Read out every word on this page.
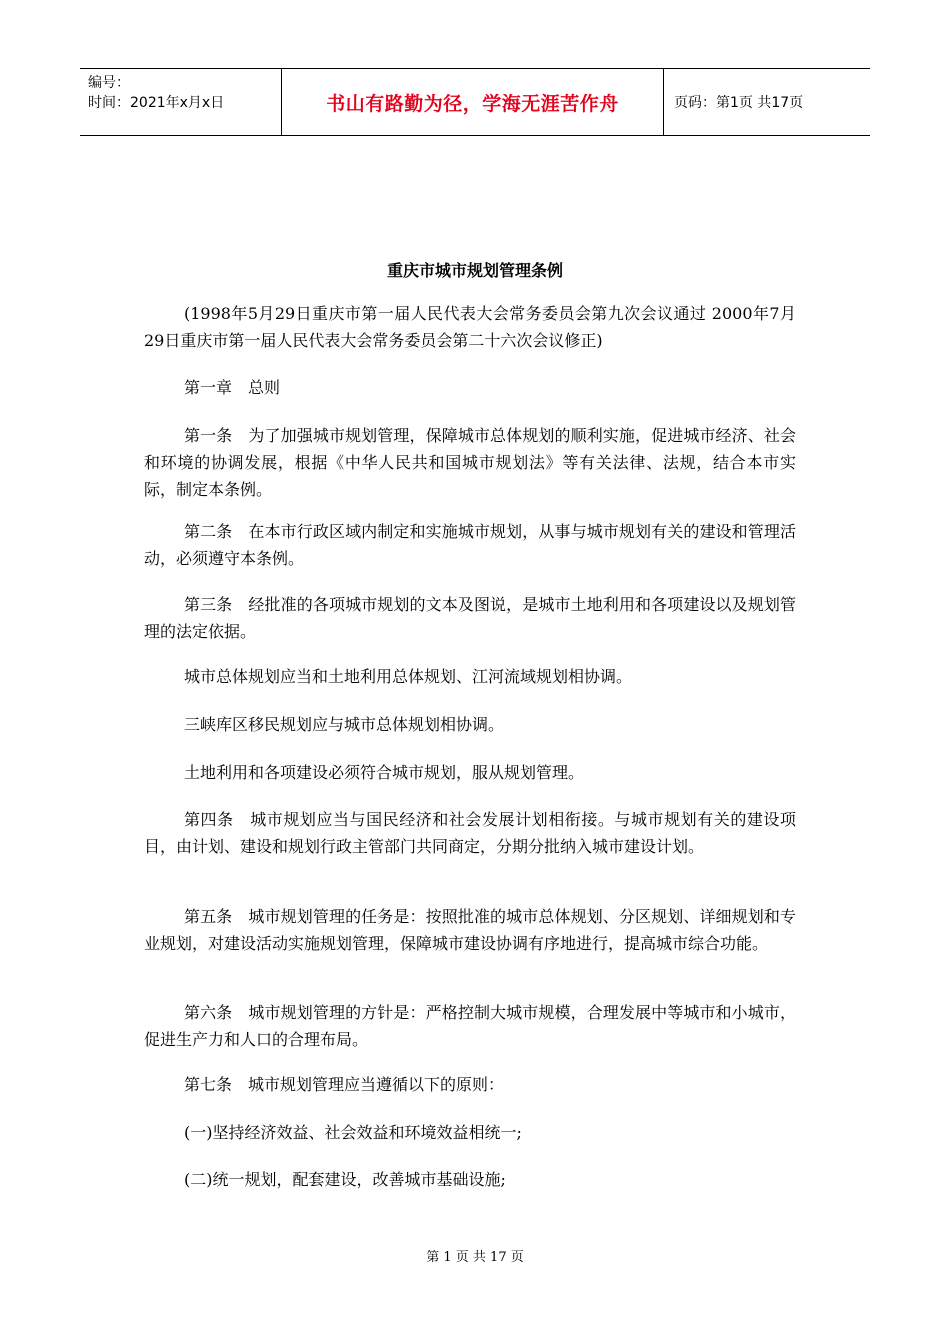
编号：
时间：2021年x月x日	书山有路勤为径，学海无涯苦作舟	页码：第1页 共17页
重庆市城市规划管理条例

(1998年5月29日重庆市第一届人民代表大会常务委员会第九次会议通过 2000年7月29日重庆市第一届人民代表大会常务委员会第二十六次会议修正)

第一章　总则

第一条　为了加强城市规划管理，保障城市总体规划的顺利实施，促进城市经济、社会和环境的协调发展，根据《中华人民共和国城市规划法》等有关法律、法规，结合本市实际，制定本条例。

第二条　在本市行政区域内制定和实施城市规划，从事与城市规划有关的建设和管理活动，必须遵守本条例。

第三条　经批准的各项城市规划的文本及图说，是城市土地利用和各项建设以及规划管理的法定依据。

城市总体规划应当和土地利用总体规划、江河流域规划相协调。

三峡库区移民规划应与城市总体规划相协调。

土地利用和各项建设必须符合城市规划，服从规划管理。

第四条　城市规划应当与国民经济和社会发展计划相衔接。与城市规划有关的建设项目，由计划、建设和规划行政主管部门共同商定，分期分批纳入城市建设计划。

第五条　城市规划管理的任务是：按照批准的城市总体规划、分区规划、详细规划和专业规划，对建设活动实施规划管理，保障城市建设协调有序地进行，提高城市综合功能。

第六条　城市规划管理的方针是：严格控制大城市规模，合理发展中等城市和小城市，促进生产力和人口的合理布局。

第七条　城市规划管理应当遵循以下的原则：

(一)坚持经济效益、社会效益和环境效益相统一;

(二)统一规划，配套建设，改善城市基础设施;

第 1 页 共 17 页
